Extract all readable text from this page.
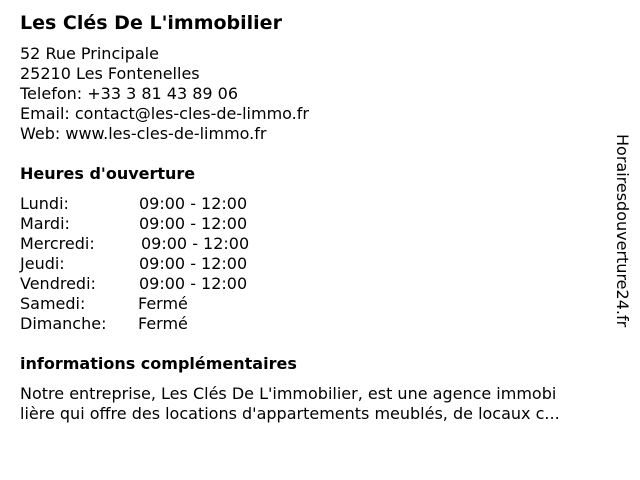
Les Clés De L'immobilier
52 Rue Principale
25210 Les Fontenelles
Telefon: +33 3 81 43 89 06
Email: contact@les-cles-de-limmo.fr
Web: www.les-cles-de-limmo.fr
Heures d'ouverture
Lundi:	09:00 - 12:00
Mardi:	09:00 - 12:00
Mercredi:	09:00 - 12:00
Jeudi:	09:00 - 12:00
Vendredi:	09:00 - 12:00
Samedi:	Fermé
Dimanche: Fermé
informations complémentaires
Notre entreprise, Les Clés De L'immobilier, est une agence immobi
lière qui offre des locations d'appartements meublés, de locaux c...
Horairesdouverture24.fr
